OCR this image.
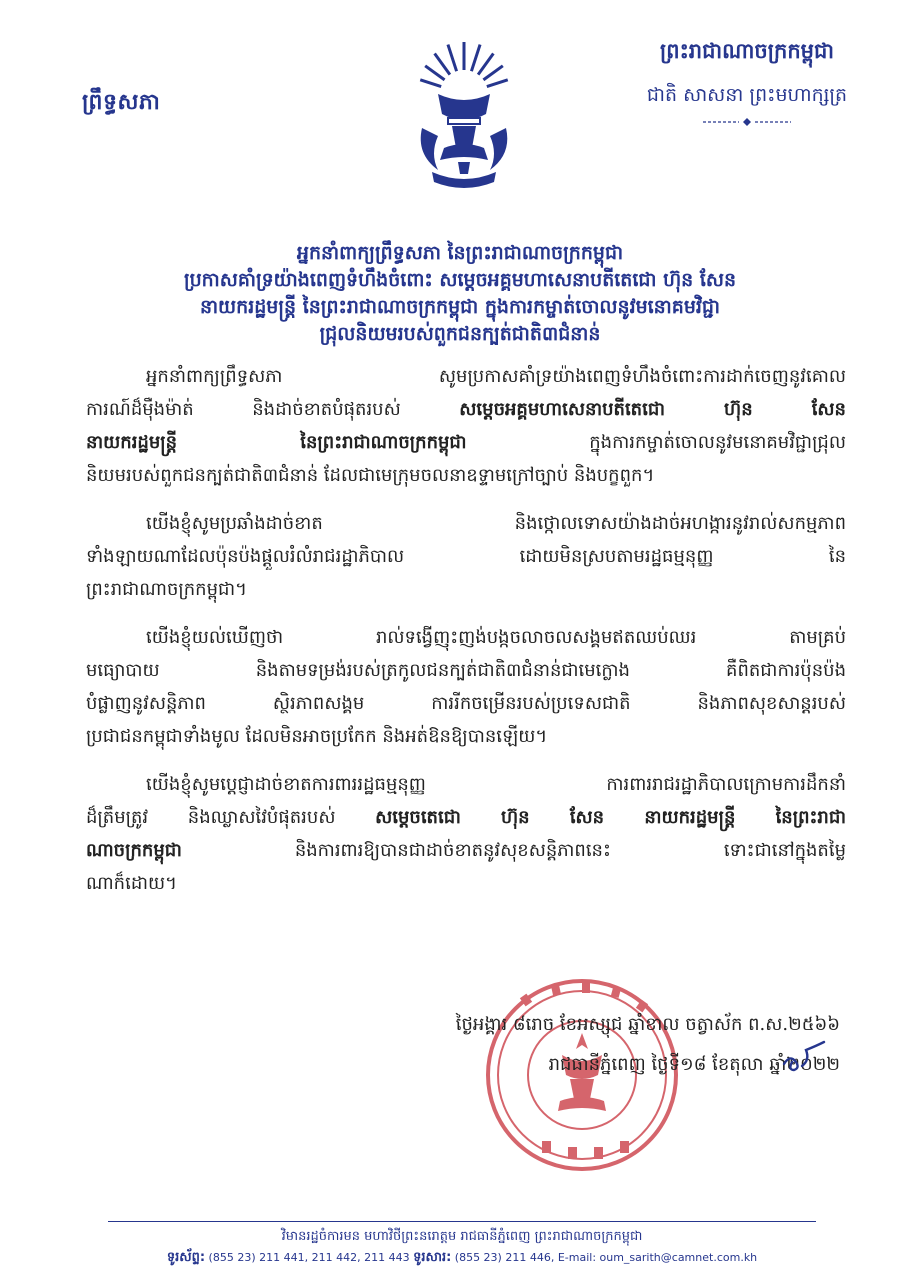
ព្រឹទ្ធសភា
ព្រះរាជាណាចក្រកម្ពុជា
ជាតិ សាសនា ព្រះមហាក្សត្រ
អ្នកនាំពាក្យព្រឹទ្ធសភា នៃព្រះរាជាណាចក្រកម្ពុជា
ប្រកាសគាំទ្រយ៉ាងពេញទំហឹងចំពោះ សម្តេចអគ្គមហាសេនាបតីតេជោ ហ៊ុន សែន
នាយករដ្ឋមន្ត្រី នៃព្រះរាជាណាចក្រកម្ពុជា ក្នុងការកម្ចាត់ចោលនូវមនោគមវិជ្ជា
ជ្រុលនិយមរបស់ពួកជនក្បត់ជាតិ៣ជំនាន់
អ្នកនាំពាក្យព្រឹទ្ធសភា សូមប្រកាសគាំទ្រយ៉ាងពេញទំហឹងចំពោះការដាក់ចេញនូវគោល
ការណ៍ដ៏ម៉ឺងម៉ាត់ និងដាច់ខាតបំផុតរបស់ សម្តេចអគ្គមហាសេនាបតីតេជោ ហ៊ុន សែន
នាយករដ្ឋមន្ត្រី នៃព្រះរាជាណាចក្រកម្ពុជា ក្នុងការកម្ចាត់ចោលនូវមនោគមវិជ្ជាជ្រុល
និយមរបស់ពួកជនក្បត់ជាតិ៣ជំនាន់ ដែលជាមេក្រុមចលនាឧទ្ទាមក្រៅច្បាប់ និងបក្ខពួក។
យើងខ្ញុំសូមប្រឆាំងដាច់ខាត និងថ្កោលទោសយ៉ាងដាច់អហង្ការនូវរាល់សកម្មភាព
ទាំងឡាយណាដែលប៉ុនប៉ងផ្តួលរំលំរាជរដ្ឋាភិបាល ដោយមិនស្របតាមរដ្ឋធម្មនុញ្ញ នៃ
ព្រះរាជាណាចក្រកម្ពុជា។
យើងខ្ញុំយល់ឃើញថា រាល់ទង្វើញុះញង់បង្កចលាចលសង្គមឥតឈប់ឈរ តាមគ្រប់
មធ្យោបាយ និងតាមទម្រង់របស់ត្រកូលជនក្បត់ជាតិ៣ជំនាន់ជាមេក្លោង គឺពិតជាការប៉ុនប៉ង
បំផ្លាញនូវសន្តិភាព ស្ថិរភាពសង្គម ការរីកចម្រើនរបស់ប្រទេសជាតិ និងភាពសុខសាន្តរបស់
ប្រជាជនកម្ពុជាទាំងមូល ដែលមិនអាចប្រកែក និងអត់ឱនឱ្យបានឡើយ។
យើងខ្ញុំសូមប្តេជ្ញាដាច់ខាតការពាររដ្ឋធម្មនុញ្ញ ការពាររាជរដ្ឋាភិបាលក្រោមការដឹកនាំ
ដ៏ត្រឹមត្រូវ និងឈ្លាសវៃបំផុតរបស់ សម្តេចតេជោ ហ៊ុន សែន នាយករដ្ឋមន្ត្រី នៃព្រះរាជា
ណាចក្រកម្ពុជា និងការពារឱ្យបានជាដាច់ខាតនូវសុខសន្តិភាពនេះ ទោះជានៅក្នុងតម្លៃ
ណាក៏ដោយ។
ថ្ងៃអង្គារ ៨រោច ខែអស្សុជ ឆ្នាំខាល ចត្វាស័ក ព.ស.២៥៦៦
រាជធានីភ្នំពេញ ថ្ងៃទី១៨ ខែតុលា ឆ្នាំ២០២២
វិមានរដ្ឋចំការមន មហាវិថីព្រះនរោត្តម រាជធានីភ្នំពេញ ព្រះរាជាណាចក្រកម្ពុជា
ទូរស័ព្ទ: (855 23) 211 441, 211 442, 211 443 ទូរសារ: (855 23) 211 446, E-mail: oum_sarith@camnet.com.kh
